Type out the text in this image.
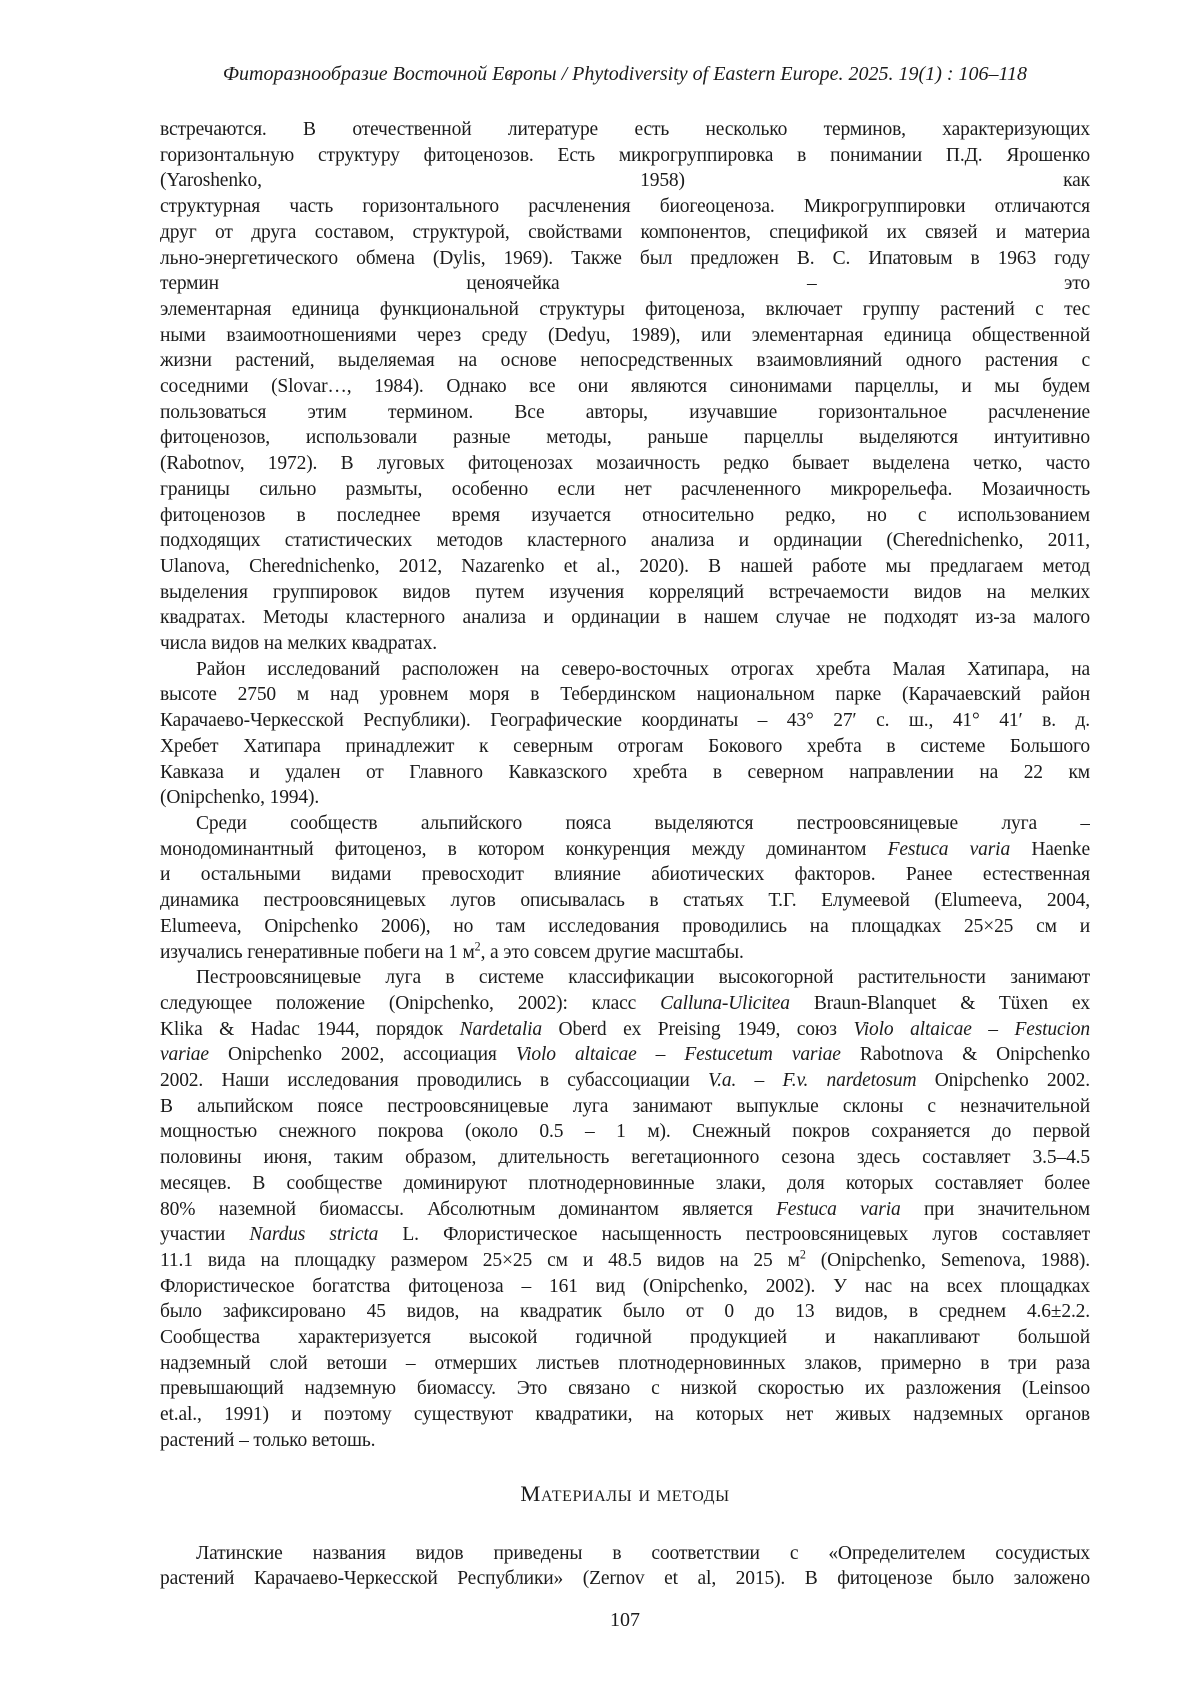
Фиторазнообразие Восточной Европы / Phytodiversity of Eastern Europe. 2025. 19(1) : 106–118
встречаются. В отечественной литературе есть несколько терминов, характеризующих
горизонтальную структуру фитоценозов. Есть микрогруппировка в понимании П.Д. Ярошенко
(Yaroshenko, 1958) как
структурная часть горизонтального расчленения биогеоценоза. Микрогруппировки отличаются
друг от друга составом, структурой, свойствами компонентов, спецификой их связей и материа
льно-энергетического обмена (Dylis, 1969). Также был предложен В. С. Ипатовым в 1963 году
термин ценоячейка – это
элементарная единица функциональной структуры фитоценоза, включает группу растений с тес
ными взаимоотношениями через среду (Dedyu, 1989), или элементарная единица общественной
жизни растений, выделяемая на основе непосредственных взаимовлияний одного растения с
соседними (Slovar…, 1984). Однако все они являются синонимами парцеллы, и мы будем
пользоваться этим термином. Все авторы, изучавшие горизонтальное расчленение
фитоценозов, использовали разные методы, раньше парцеллы выделяются интуитивно
(Rabotnov, 1972). В луговых фитоценозах мозаичность редко бывает выделена четко, часто
границы сильно размыты, особенно если нет расчлененного микрорельефа. Мозаичность
фитоценозов в последнее время изучается относительно редко, но с использованием
подходящих статистических методов кластерного анализа и ординации (Cherednichenko, 2011,
Ulanova, Cherednichenko, 2012, Nazarenko et al., 2020). В нашей работе мы предлагаем метод
выделения группировок видов путем изучения корреляций встречаемости видов на мелких
квадратах. Методы кластерного анализа и ординации в нашем случае не подходят из-за малого
числа видов на мелких квадратах.
Район исследований расположен на северо-восточных отрогах хребта Малая Хатипара, на
высоте 2750 м над уровнем моря в Тебердинском национальном парке (Карачаевский район
Карачаево-Черкесской Республики). Географические координаты – 43° 27′ с. ш., 41° 41′ в. д.
Хребет Хатипара принадлежит к северным отрогам Бокового хребта в системе Большого
Кавказа и удален от Главного Кавказского хребта в северном направлении на 22 км
(Onipchenko, 1994).
Среди сообществ альпийского пояса выделяются пестроовсяницевые луга –
монодоминантный фитоценоз, в котором конкуренция между доминантом Festuca varia Haenke
и остальными видами превосходит влияние абиотических факторов. Ранее естественная
динамика пестроовсяницевых лугов описывалась в статьях Т.Г. Елумеевой (Elumeeva, 2004,
Elumeeva, Onipchenko 2006), но там исследования проводились на площадках 25×25 см и
изучались генеративные побеги на 1 $м^2$, а это совсем другие масштабы.
Пестроовсяницевые луга в системе классификации высокогорной растительности занимают
следующее положение (Onipchenko, 2002): класс Calluna-Ulicitea Braun-Blanquet & Tüxen ex
Klika & Hadac 1944, порядок Nardetalia Oberd ex Preising 1949, союз Violo altaicae – Festucion
variae Onipchenko 2002, ассоциация Violo altaicae – Festucetum variae Rabotnova & Onipchenko
2002. Наши исследования проводились в субассоциации V.a. – F.v. nardetosum Onipchenko 2002.
В альпийском поясе пестроовсяницевые луга занимают выпуклые склоны с незначительной
мощностью снежного покрова (около 0.5 – 1 м). Снежный покров сохраняется до первой
половины июня, таким образом, длительность вегетационного сезона здесь составляет 3.5–4.5
месяцев. В сообществе доминируют плотнодерновинные злаки, доля которых составляет более
80% наземной биомассы. Абсолютным доминантом является Festuca varia при значительном
участии Nardus stricta L. Флористическое насыщенность пестроовсяницевых лугов составляет
11.1 вида на площадку размером 25×25 см и 48.5 видов на 25 $м^2$ (Onipchenko, Semenova, 1988).
Флористическое богатства фитоценоза – 161 вид (Onipchenko, 2002). У нас на всех площадках
было зафиксировано 45 видов, на квадратик было от 0 до 13 видов, в среднем 4.6±2.2.
Сообщества характеризуется высокой годичной продукцией и накапливают большой
надземный слой ветоши – отмерших листьев плотнодерновинных злаков, примерно в три раза
превышающий надземную биомассу. Это связано с низкой скоростью их разложения (Leinsoo
et.al., 1991) и поэтому существуют квадратики, на которых нет живых надземных органов
растений – только ветошь.
Материалы и методы
Латинские названия видов приведены в соответствии с «Определителем сосудистых
растений Карачаево-Черкесской Республики» (Zernov et al, 2015). В фитоценозе было заложено
107
